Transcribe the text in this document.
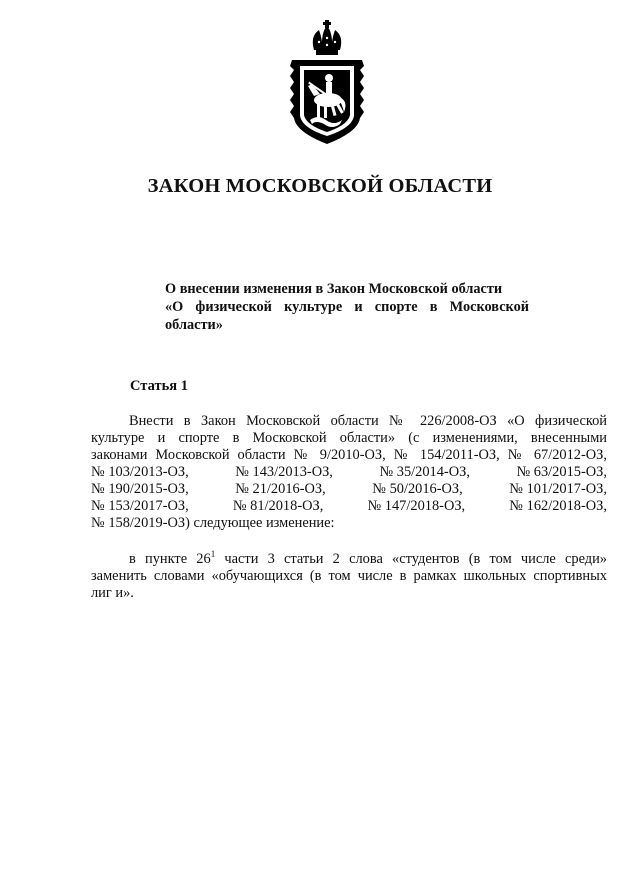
ЗАКОН МОСКОВСКОЙ ОБЛАСТИ
О внесении изменения в Закон Московской области
«О физической культуре и спорте в Московской
области»
Статья 1
Внести в Закон Московской области № 226/2008-ОЗ «О физической
культуре и спорте в Московской области» (с изменениями, внесенными
законами Московской области № 9/2010-ОЗ, № 154/2011-ОЗ, № 67/2012-ОЗ,
№ 103/2013-ОЗ,	№ 143/2013-ОЗ,	№ 35/2014-ОЗ,	№ 63/2015-ОЗ,
№ 190/2015-ОЗ,	№ 21/2016-ОЗ,	№ 50/2016-ОЗ,	№ 101/2017-ОЗ,
№ 153/2017-ОЗ,	№ 81/2018-ОЗ,	№ 147/2018-ОЗ,	№ 162/2018-ОЗ,
№ 158/2019-ОЗ) следующее изменение:
в пункте $26^1$ части 3 статьи 2 слова «студентов (в том числе среди»
заменить словами «обучающихся (в том числе в рамках школьных спортивных
лиг и».
